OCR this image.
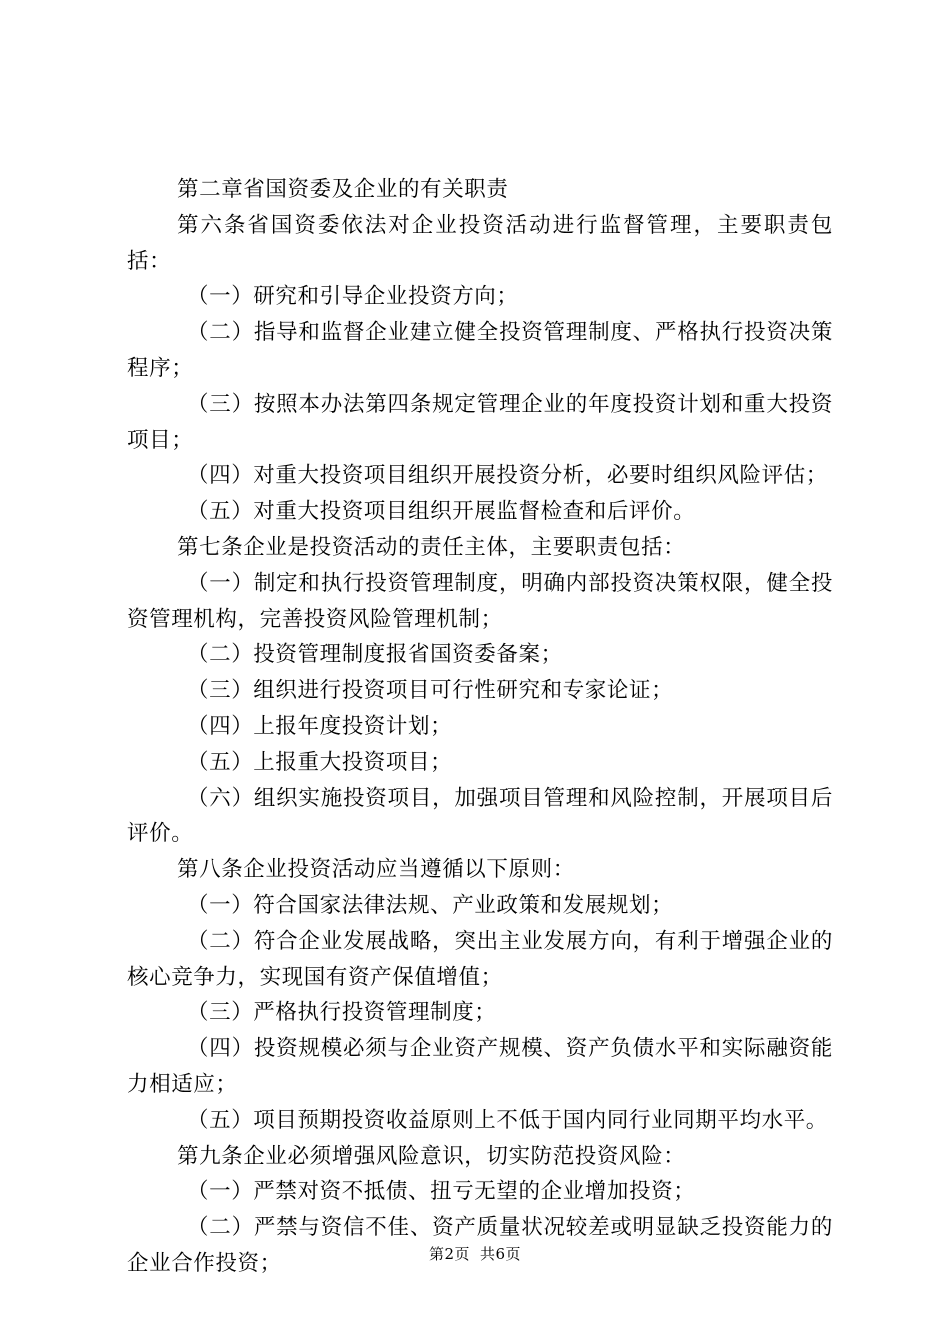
第二章省国资委及企业的有关职责

第六条省国资委依法对企业投资活动进行监督管理，主要职责包括：

（一）研究和引导企业投资方向；

（二）指导和监督企业建立健全投资管理制度、严格执行投资决策程序；

（三）按照本办法第四条规定管理企业的年度投资计划和重大投资项目；

（四）对重大投资项目组织开展投资分析，必要时组织风险评估；

（五）对重大投资项目组织开展监督检查和后评价。

第七条企业是投资活动的责任主体，主要职责包括：

（一）制定和执行投资管理制度，明确内部投资决策权限，健全投资管理机构，完善投资风险管理机制；

（二）投资管理制度报省国资委备案；

（三）组织进行投资项目可行性研究和专家论证；

（四）上报年度投资计划；

（五）上报重大投资项目；

（六）组织实施投资项目，加强项目管理和风险控制，开展项目后评价。

第八条企业投资活动应当遵循以下原则：

（一）符合国家法律法规、产业政策和发展规划；

（二）符合企业发展战略，突出主业发展方向，有利于增强企业的核心竞争力，实现国有资产保值增值；

（三）严格执行投资管理制度；

（四）投资规模必须与企业资产规模、资产负债水平和实际融资能力相适应；

（五）项目预期投资收益原则上不低于国内同行业同期平均水平。

第九条企业必须增强风险意识，切实防范投资风险：

（一）严禁对资不抵债、扭亏无望的企业增加投资；

（二）严禁与资信不佳、资产质量状况较差或明显缺乏投资能力的企业合作投资；	第2页 共6页
